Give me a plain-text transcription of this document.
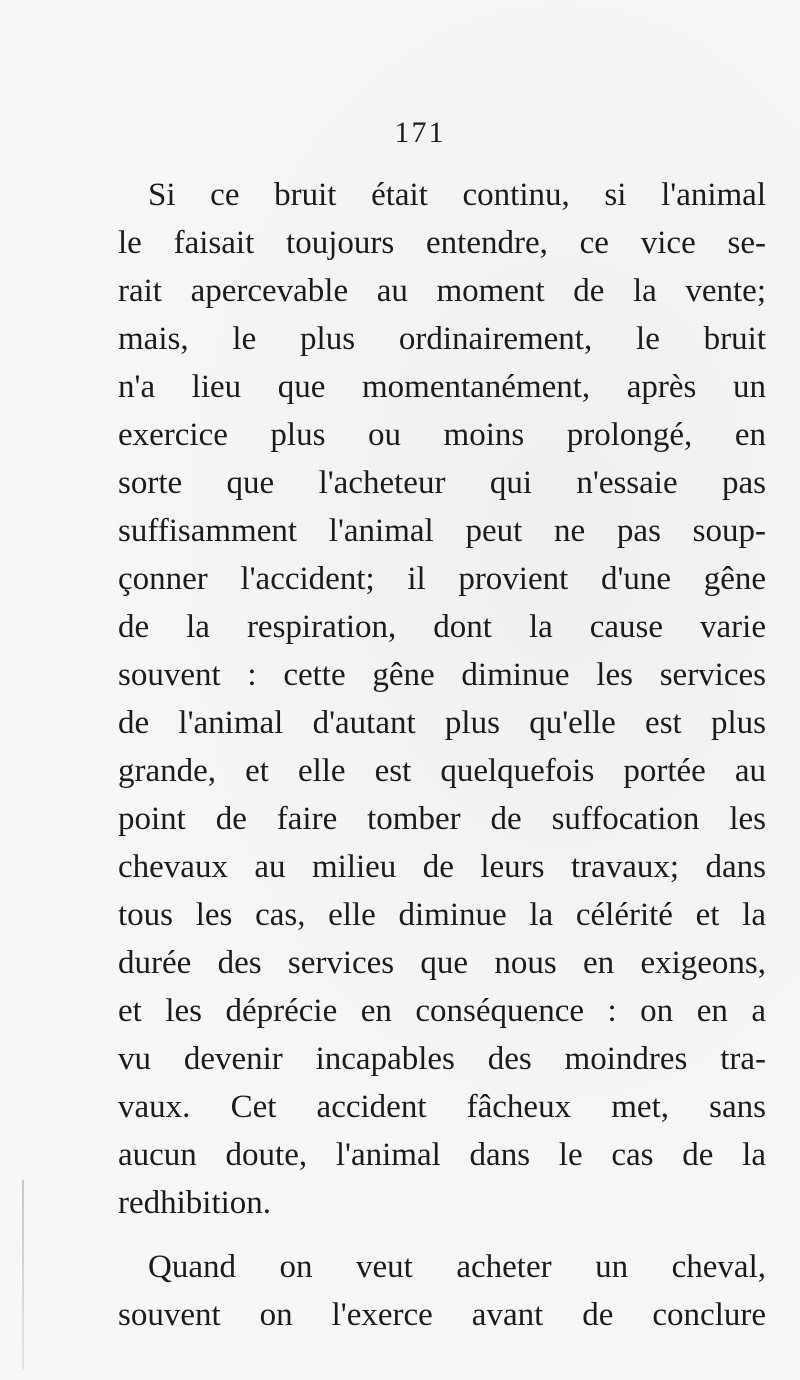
171
Si ce bruit était continu, si l'animal
le faisait toujours entendre, ce vice se-
rait apercevable au moment de la vente;
mais, le plus ordinairement, le bruit
n'a lieu que momentanément, après un
exercice plus ou moins prolongé, en
sorte que l'acheteur qui n'essaie pas
suffisamment l'animal peut ne pas soup-
çonner l'accident; il provient d'une gêne
de la respiration, dont la cause varie
souvent : cette gêne diminue les services
de l'animal d'autant plus qu'elle est plus
grande, et elle est quelquefois portée au
point de faire tomber de suffocation les
chevaux au milieu de leurs travaux; dans
tous les cas, elle diminue la célérité et la
durée des services que nous en exigeons,
et les déprécie en conséquence : on en a
vu devenir incapables des moindres tra-
vaux. Cet accident fâcheux met, sans
aucun doute, l'animal dans le cas de la
redhibition.
Quand on veut acheter un cheval,
souvent on l'exerce avant de conclure
